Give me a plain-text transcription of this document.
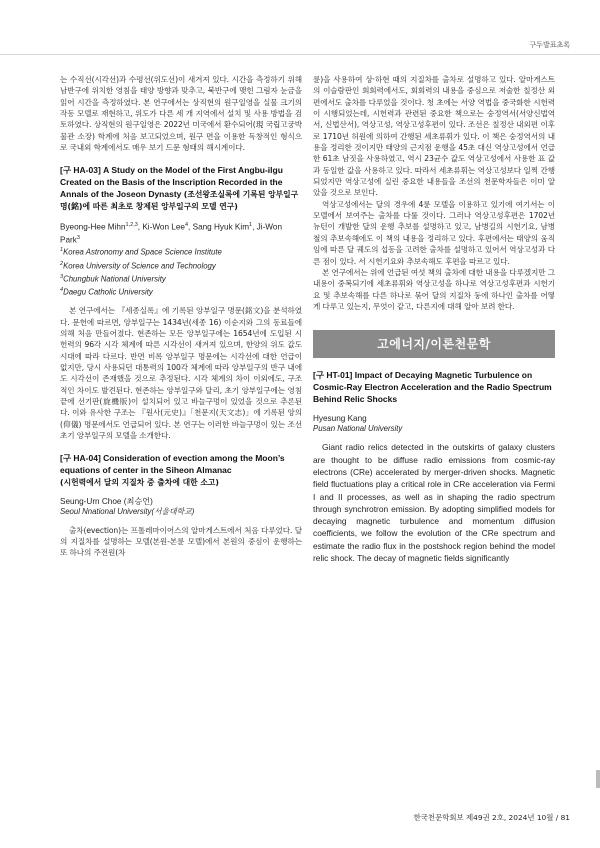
구두발표초록

는 수직선(시각선)과 수평선(위도선)이 새겨져 있다. 시간을 측정하기 위해 남반구에 위치한 영침을 태양 방향과 맞추고, 북반구에 맺힌 그림자 눈금을 읽어 시간을 측정하였다. 본 연구에서는 상직현의 원구일영을 실물 크기의 작동 모델로 재현하고, 위도가 다른 세 개 지역에서 설치 및 사용 방법을 검토하였다. 상직현의 원구일영은 2022년 미국에서 환수되어(現 국립고궁박물관 소장) 학계에 처음 보고되었으며, 원구 면을 이용한 독창적인 형식으로 국내외 학계에서도 매우 보기 드문 형태의 해시계이다.

[구 HA-03] A Study on the Model of the First Angbu-ilgu Created on the Basis of the Inscription Recorded in the Annals of the Joseon Dynasty (조선왕조실록에 기록된 앙부일구 명(銘)에 따른 최초로 창제된 앙부일구의 모델 연구)

Byeong-Hee Mihn$^{1,2,3}$, Ki-Won Lee$^4$, Sang Hyuk Kim$^1$, Ji-Won Park$^3$

$^1$Korea Astronomy and Space Science Institute

$^2$Korea University of Science and Technology

$^3$Chungbuk National University

$^4$Daegu Catholic University

본 연구에서는 『세종실록』에 기록된 앙부일구 명문(銘文)을 분석하였다. 문헌에 따르면, 앙부일구는 1434년(세종 16) 이순지와 그의 동료들에 의해 처음 만들어졌다. 현존하는 모든 앙부일구에는 1654년에 도입된 시헌력의 96각 시각 체계에 따른 시각선이 새겨져 있으며, 한양의 위도 값도 시대에 따라 다르다. 반면 비록 앙부일구 명문에는 시각선에 대한 언급이 없지만, 당시 사용되던 대통력의 100각 체계에 따라 앙부일구의 반구 내에도 시각선이 존재했을 것으로 추정된다. 시각 체계의 차이 이외에도, 구조적인 차이도 발견된다. 현존하는 앙부일구와 달리, 초기 앙부일구에는 영침 끝에 선기판(旋機版)이 설치되어 있고 바늘구멍이 있었을 것으로 추론된다. 이와 유사한 구조는 『원사(元史)』「천문지(天文志)」에 기록된 앙의(仰儀) 명문에서도 언급되어 있다. 본 연구는 이러한 바늘구멍이 있는 조선 초기 앙부일구의 모델을 소개한다.

[구 HA-04] Consideration of evection among the Moon’s equations of center in the Siheon Almanac
(시헌력에서 달의 지질차 중 출차에 대한 소고)

Seung-Urn Choe (최승언)

Seoul Nnational University(서울대학교)

출차(evection)는 프톨레마이어스의 알마게스트에서 처음 다루었다. 달의 지질차를 설명하는 모델(본원-본륜 모델)에서 본원의 중심이 운행하는 또 하나의 주전원(차

륜)을 사용하여 상·하현 때의 지질차를 출차로 설명하고 있다. 알마게스트의 이슬람판인 회회력에서도, 회회력의 내용을 중심으로 저술한 칠정산 외편에서도 출차를 다루었을 것이다. 청 초에는 서양 역법을 중국화한 시헌력이 시행되었는데, 시헌력과 관련된 중요한 책으로는 숭정역서(서양신법역서, 신법산서), 역상고성, 역상고성후편이 있다. 조선은 칠정산 내외편 이후로 1710년 허원에 의하여 간행된 세초류휘가 있다. 이 책은 숭정역서의 내용을 정리한 것이지만 태양의 근지점 운행을 45초 대신 역상고성에서 언급한 61초 남짓을 사용하였고, 역시 23균수 값도 역상고성에서 사용한 표 값과 동일한 값을 사용하고 있다. 따라서 세초류휘는 역상고성보다 일찍 간행되었지만 역상고성에 실린 중요한 내용들을 조선의 천문학자들은 이미 알았을 것으로 보인다.

역상고성에서는 달의 경우에 4륜 모델을 이용하고 있기에 여기서는 이 모델에서 보여주는 출차를 다룰 것이다. 그러나 역상고성후편은 1702년 뉴턴이 개발한 달의 운행 추보를 설명하고 있고, 남병길의 시헌기요, 남병철의 추보속해에도 이 책의 내용을 정리하고 있다. 후편에서는 태양의 움직임에 따른 달 궤도의 섭동을 고려한 출차를 설명하고 있어서 역상고성과 다른 점이 있다. 서 시헌기요와 추보속해도 후편을 따르고 있다.

본 연구에서는 위에 언급된 여섯 책의 출차에 대한 내용을 다루겠지만 그 내용이 중복되기에 세초류휘와 역상고성을 하나로 역상고성후편과 시헌기요 및 추보속해를 다른 하나로 묶어 달의 지질차 둥에 하나인 출차를 어떻게 다루고 있는지, 무엇이 같고, 다른지에 대해 알아 보려 한다.

고에너지/이론천문학

[구 HT-01] Impact of Decaying Magnetic Turbulence on Cosmic-Ray Electron Acceleration and the Radio Spectrum Behind Relic Shocks

Hyesung Kang

Pusan National University

Giant radio relics detected in the outskirts of galaxy clusters are thought to be diffuse radio emissions from cosmic-ray electrons (CRe) accelerated by merger-driven shocks. Magnetic field fluctuations play a critical role in CRe acceleration via Fermi I and II processes, as well as in shaping the radio spectrum through synchrotron emission. By adopting simplified models for decaying magnetic turbulence and momentum diffusion coefficients, we follow the evolution of the CRe spectrum and estimate the radio flux in the postshock region behind the model relic shock. The decay of magnetic fields significantly

한국천문학회보 제49권 2호, 2024년 10월 / 81
